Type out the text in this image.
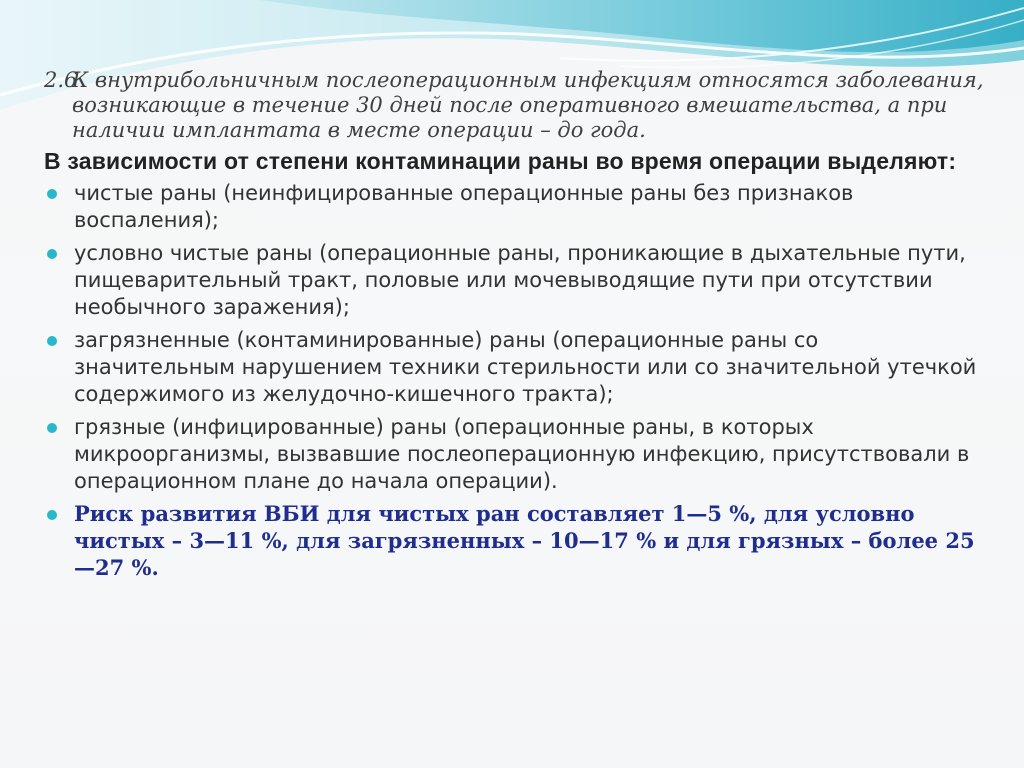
2.6
К внутрибольничным послеоперационным инфекциям относятся заболевания, возникающие в течение 30 дней после оперативного вмешательства, а при наличии имплантата в месте операции – до года.

В зависимости от степени контаминации раны во время операции выделяют:
чистые раны (неинфицированные операционные раны без признаков воспаления);
условно чистые раны (операционные раны, проникающие в дыхательные пути, пищеварительный тракт, половые или мочевыводящие пути при отсутствии необычного заражения);
загрязненные (контаминированные) раны (операционные раны со значительным нарушением техники стерильности или со значительной утечкой содержимого из желудочно-кишечного тракта);
грязные (инфицированные) раны (операционные раны, в которых микроорганизмы, вызвавшие послеоперационную инфекцию, присутствовали в операционном плане до начала операции).
Риск развития ВБИ для чистых ран составляет 1—5 %, для условно чистых – 3—11 %, для загрязненных – 10—17 % и для грязных – более 25—27 %.
